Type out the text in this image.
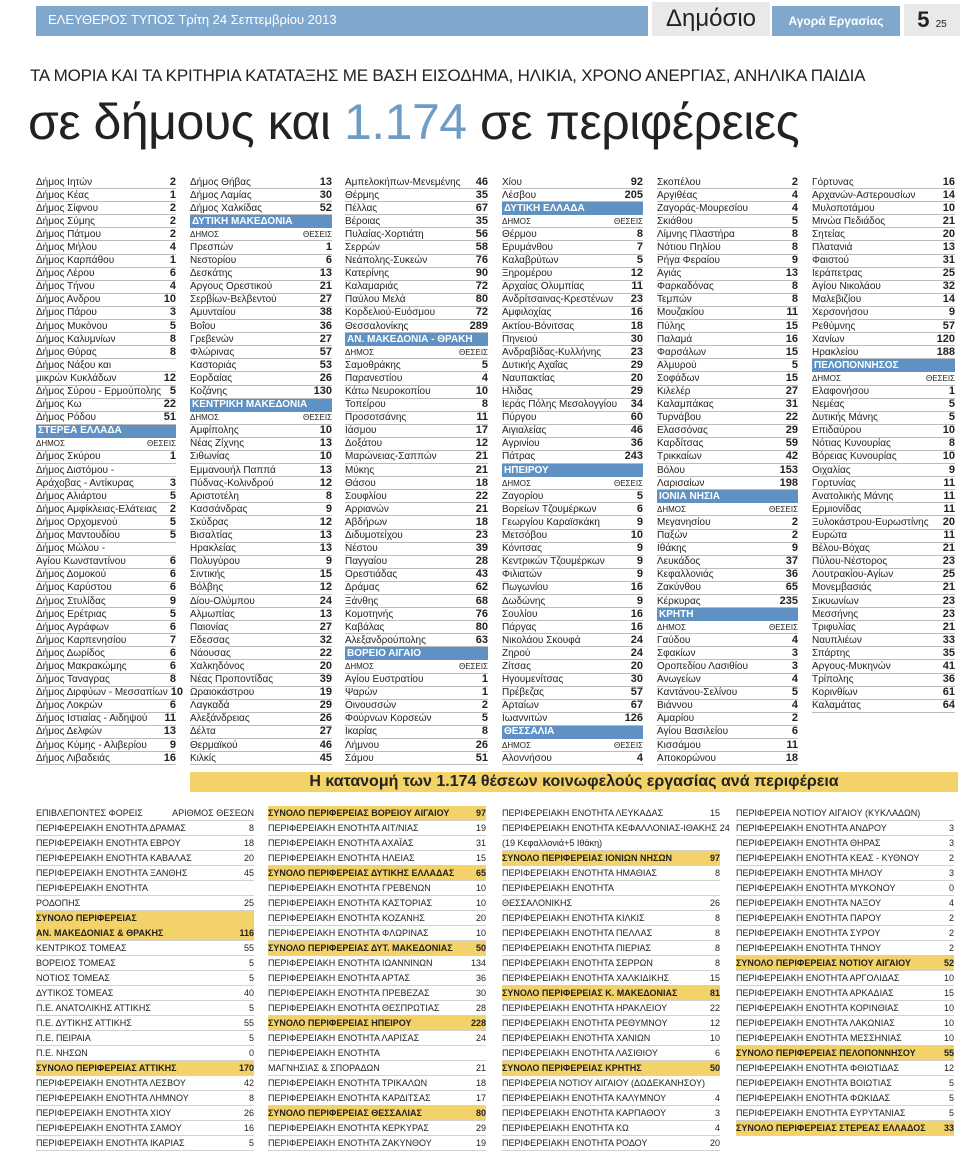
ΕΛΕΥΘΕΡΟΣ ΤΥΠΟΣ Τρίτη 24 Σεπτεμβρίου 2013	Δημόσιο	Αγορά Εργασίας	5 25
ΤΑ ΜΟΡΙΑ ΚΑΙ ΤΑ ΚΡΙΤΗΡΙΑ ΚΑΤΑΤΑΞΗΣ ΜΕ ΒΑΣΗ ΕΙΣΟΔΗΜΑ, ΗΛΙΚΙΑ, ΧΡΟΝΟ ΑΝΕΡΓΙΑΣ, ΑΝΗΛΙΚΑ ΠΑΙΔΙΑ
σε δήμους και 1.174 σε περιφέρειες
Δήμος Ιητών	2
Δήμος Κέας	1
Δήμος Σίφνου	2
Δήμος Σύμης	2
Δήμος Πάτμου	2
Δήμος Μήλου	4
Δήμος Καρπάθου	1
Δήμος Λέρου	6
Δήμος Τήνου	4
Δήμος Ανδρου	10
Δήμος Πάρου	3
Δήμος Μυκόνου	5
Δήμος Καλυμνίων	8
Δήμος Θύρας	8
Δήμος Νάξου και
μικρών Κυκλάδων	12
Δήμος Σύρου - Ερμούπολης 5
Δήμος Κω	22
Δήμος Ρόδου	51
ΣΤΕΡΕΑ ΕΛΛΑΔΑ
ΔΗΜΟΣ	ΘΕΣΕΙΣ
Δήμος Σκύρου	1
Δήμος Διστόμου -
Αράχοβας - Αντίκυρας	3
Δήμος Αλιάρτου	5
Δήμος Αμφίκλειας-Ελάτειας 2
Δήμος Ορχομενού	5
Δήμος Μαντουδίου	5
Δήμος Μώλου -
Αγίου Κωνσταντίνου	6
Δήμος Δομοκού	6
Δήμος Καρύστου	6
Δήμος Στυλίδας	9
Δήμος Ερέτριας	5
Δήμος Αγράφων	6
Δήμος Καρπενησίου	7
Δήμος Δωρίδος	6
Δήμος Μακρακώμης	6
Δήμος Ταναγρας	8
Δήμος Διρφύων - Μεσσαπίων 10
Δήμος Λοκρών	6
Δήμος Ιστιαίας - Αιδηψού 11
Δήμος Δελφών	13
Δήμος Κύμης - Αλιβερίου 9
Δήμος Λιβαδειάς	16
Δήμος Θήβας	13
Δήμος Λαμίας	30
Δήμος Χαλκίδας	52
ΔΥΤΙΚΗ ΜΑΚΕΔΟΝΙΑ
ΔΗΜΟΣ	ΘΕΣΕΙΣ
Πρεσπών	1
Νεστορίου	6
Δεσκάτης	13
Αργους Ορεστικού	21
Σερβίων-Βελβεντού	27
Αμυνταίου	38
Βοΐου	36
Γρεβενών	27
Φλώρινας	57
Καστοριάς	53
Εορδαίας	26
Κοζάνης	130
ΚΕΝΤΡΙΚΗ ΜΑΚΕΔΟΝΙΑ
ΔΗΜΟΣ	ΘΕΣΕΙΣ
Αμφίπολης	10
Νέας Ζίχνης	13
Σιθωνίας	10
Εμμανουήλ Παππά	13
Πύδνας-Κολινδρού	12
Αριστοτέλη	8
Κασσάνδρας	9
Σκύδρας	12
Βισαλτίας	13
Ηρακλείας	13
Πολυγύρου	9
Σιντικής	15
Βόλβης	12
Δίου-Ολύμπου	24
Αλμωπίας	13
Παιονίας	27
Εδεσσας	32
Νάουσας	22
Χαλκηδόνος	20
Νέας Προποντίδας	39
Ωραιοκάστρου	19
Λαγκαδά	29
Αλεξάνδρειας	26
Δέλτα	27
Θερμαϊκού	46
Κιλκίς	45
Αμπελοκήπων-Μενεμένης 46
Θέρμης	35
Πέλλας	67
Βέροιας	35
Πυλαίας-Χορτιάτη	56
Σερρών	58
Νεάπολης-Συκεών	76
Κατερίνης	90
Καλαμαριάς	72
Παύλου Μελά	80
Κορδελιού-Ευόσμου	72
Θεσσαλονίκης	289
ΑΝ. ΜΑΚΕΔΟΝΙΑ - ΘΡΑΚΗ
ΔΗΜΟΣ	ΘΕΣΕΙΣ
Σαμοθράκης	5
Παρανεστίου	4
Κάτω Νευροκοπίου	10
Τοπείρου	8
Προσοτσάνης	11
Ιάσμου	17
Δοξάτου	12
Μαρώνειας-Σαππών	21
Μύκης	21
Θάσου	18
Σουφλίου	22
Αρριανών	21
Αβδήρων	18
Διδυμοτείχου	23
Νέστου	39
Παγγαίου	28
Ορεστιάδας	43
Δράμας	62
Ξάνθης	68
Κομοτηνής	76
Καβάλας	80
Αλεξανδρούπολης	63
ΒΟΡΕΙΟ ΑΙΓΑΙΟ
ΔΗΜΟΣ	ΘΕΣΕΙΣ
Αγίου Ευστρατίου	1
Ψαρών	1
Οινουσσών	2
Φούρνων Κορσεών	5
Ικαρίας	8
Λήμνου	26
Σάμου	51
Χίου	92
Λέσβου	205
ΔΥΤΙΚΗ ΕΛΛΑΔΑ
ΔΗΜΟΣ	ΘΕΣΕΙΣ
Θέρμου	8
Ερυμάνθου	7
Καλαβρύτων	5
Ξηρομέρου	12
Αρχαίας Ολυμπίας	11
Ανδρίτσαινας-Κρεστένων 23
Αμφιλοχίας	16
Ακτίου-Βόνιτσας	18
Πηνειού	30
Ανδραβίδας-Κυλλήνης	23
Δυτικής Αχαΐας	29
Ναυπακτίας	20
Ηλιδας	29
Ιεράς Πόλης Μεσολογγίου 34
Πύργου	60
Αιγιαλείας	46
Αγρινίου	36
Πάτρας	243
ΗΠΕΙΡΟΥ
ΔΗΜΟΣ	ΘΕΣΕΙΣ
Ζαγορίου	5
Βορείων Τζουμέρκων	6
Γεωργίου Καραϊσκάκη	9
Μετσόβου	10
Κόνιτσας	9
Κεντρικών Τζουμέρκων	9
Φιλιατών	9
Πωγωνίου	16
Δωδώνης	9
Σουλίου	16
Πάργας	16
Νικολάου Σκουφά	24
Ζηρού	24
Ζίτσας	20
Ηγουμενίτσας	30
Πρέβεζας	57
Αρταίων	67
Ιωαννιτών	126
ΘΕΣΣΑΛΙΑ
ΔΗΜΟΣ	ΘΕΣΕΙΣ
Αλοννήσου	4
Σκοπέλου	2
Αργιθέας	4
Ζαγοράς-Μουρεσίου	4
Σκιάθου	5
Λίμνης Πλαστήρα	8
Νότιου Πηλίου	8
Ρήγα Φεραίου	9
Αγιάς	13
Φαρκαδόνας	8
Τεμπών	8
Μουζακίου	11
Πύλης	15
Παλαμά	16
Φαρσάλων	15
Αλμυρού	5
Σοφάδων	15
Κιλελέρ	27
Καλαμπάκας	31
Τυρνάβου	22
Ελασσόνας	29
Καρδίτσας	59
Τρικκαίων	42
Βόλου	153
Λαρισαίων	198
ΙΟΝΙΑ ΝΗΣΙΑ
ΔΗΜΟΣ	ΘΕΣΕΙΣ
Μεγανησίου	2
Παξών	2
Ιθάκης	9
Λευκάδος	37
Κεφαλλονιάς	36
Ζακύνθου	65
Κέρκυρας	235
ΚΡΗΤΗ
ΔΗΜΟΣ	ΘΕΣΕΙΣ
Γαύδου	4
Σφακίων	3
Οροπεδίου Λασιθίου	3
Ανωγείων	4
Καντάνου-Σελίνου	5
Βιάννου	4
Αμαρίου	2
Αγίου Βασιλείου	6
Κισσάμου	11
Αποκορώνου	18
Γόρτυνας	16
Αρχανών-Αστερουσίων 14
Μυλοποτάμου	10
Μινώα Πεδιάδος	21
Σητείας	20
Πλατανιά	13
Φαιστού	31
Ιεράπετρας	25
Αγίου Νικολάου	32
Μαλεβιζίου	14
Χερσονήσου	9
Ρεθύμνης	57
Χανίων	120
Ηρακλείου	188
ΠΕΛΟΠΟΝΝΗΣΟΣ
ΔΗΜΟΣ	ΘΕΣΕΙΣ
Ελαφονήσου	1
Νεμέας	5
Δυτικής Μάνης	5
Επιδαύρου	10
Νότιας Κυνουρίας	8
Βόρειας Κυνουρίας	10
Οιχαλίας	9
Γορτυνίας	11
Ανατολικής Μάνης	11
Ερμιονίδας	11
Ξυλοκάστρου-Ευρωστίνης 20
Ευρώτα	11
Βέλου-Βόχας	21
Πύλου-Νέστορος	23
Λουτρακίου-Αγίων	25
Μονεμβασιάς	21
Σικυωνίων	23
Μεσσήνης	23
Τριφυλίας	21
Ναυπλιέων	33
Σπάρτης	35
Αργους-Μυκηνών	41
Τρίπολης	36
Κορινθίων	61
Καλαμάτας	64
Η κατανομή των 1.174 θέσεων κοινωφελούς εργασίας ανά περιφέρεια
ΕΠΙΒΛΕΠΟΝΤΕΣ ΦΟΡΕΙΣ	ΑΡΙΘΜΟΣ ΘΕΣΕΩΝ
ΠΕΡΙΦΕΡΕΙΑΚΗ ΕΝΟΤΗΤΑ ΔΡΑΜΑΣ	8
ΠΕΡΙΦΕΡΕΙΑΚΗ ΕΝΟΤΗΤΑ ΕΒΡΟΥ	18
ΠΕΡΙΦΕΡΕΙΑΚΗ ΕΝΟΤΗΤΑ ΚΑΒΑΛΑΣ	20
ΠΕΡΙΦΕΡΕΙΑΚΗ ΕΝΟΤΗΤΑ ΞΑΝΘΗΣ	45
ΠΕΡΙΦΕΡΕΙΑΚΗ ΕΝΟΤΗΤΑ
ΡΟΔΟΠΗΣ	25
ΣΥΝΟΛΟ ΠΕΡΙΦΕΡΕΙΑΣ
ΑΝ. ΜΑΚΕΔΟΝΙΑΣ & ΘΡΑΚΗΣ	116
ΚΕΝΤΡΙΚΟΣ ΤΟΜΕΑΣ	55
ΒΟΡΕΙΟΣ ΤΟΜΕΑΣ	5
ΝΟΤΙΟΣ ΤΟΜΕΑΣ	5
ΔΥΤΙΚΟΣ ΤΟΜΕΑΣ	40
Π.Ε. ΑΝΑΤΟΛΙΚΗΣ ΑΤΤΙΚΗΣ	5
Π.Ε. ΔΥΤΙΚΗΣ ΑΤΤΙΚΗΣ	55
Π.Ε. ΠΕΙΡΑΙΑ	5
Π.Ε. ΝΗΣΩΝ	0
ΣΥΝΟΛΟ ΠΕΡΙΦΕΡΕΙΑΣ ΑΤΤΙΚΗΣ	170
ΠΕΡΙΦΕΡΕΙΑΚΗ ΕΝΟΤΗΤΑ ΛΕΣΒΟΥ	42
ΠΕΡΙΦΕΡΕΙΑΚΗ ΕΝΟΤΗΤΑ ΛΗΜΝΟΥ	8
ΠΕΡΙΦΕΡΕΙΑΚΗ ΕΝΟΤΗΤΑ ΧΙΟΥ	26
ΠΕΡΙΦΕΡΕΙΑΚΗ ΕΝΟΤΗΤΑ ΣΑΜΟΥ	16
ΠΕΡΙΦΕΡΕΙΑΚΗ ΕΝΟΤΗΤΑ ΙΚΑΡΙΑΣ	5
ΣΥΝΟΛΟ ΠΕΡΙΦΕΡΕΙΑΣ ΒΟΡΕΙΟΥ ΑΙΓΑΙΟΥ	97
ΠΕΡΙΦΕΡΕΙΑΚΗ ΕΝΟΤΗΤΑ ΑΙΤ/ΝΙΑΣ	19
ΠΕΡΙΦΕΡΕΙΑΚΗ ΕΝΟΤΗΤΑ ΑΧΑΪΑΣ	31
ΠΕΡΙΦΕΡΕΙΑΚΗ ΕΝΟΤΗΤΑ ΗΛΕΙΑΣ	15
ΣΥΝΟΛΟ ΠΕΡΙΦΕΡΕΙΑΣ ΔΥΤΙΚΗΣ ΕΛΛΑΔΑΣ	65
ΠΕΡΙΦΕΡΕΙΑΚΗ ΕΝΟΤΗΤΑ ΓΡΕΒΕΝΩΝ	10
ΠΕΡΙΦΕΡΕΙΑΚΗ ΕΝΟΤΗΤΑ ΚΑΣΤΟΡΙΑΣ	10
ΠΕΡΙΦΕΡΕΙΑΚΗ ΕΝΟΤΗΤΑ ΚΟΖΑΝΗΣ	20
ΠΕΡΙΦΕΡΕΙΑΚΗ ΕΝΟΤΗΤΑ ΦΛΩΡΙΝΑΣ	10
ΣΥΝΟΛΟ ΠΕΡΙΦΕΡΕΙΑΣ ΔΥΤ. ΜΑΚΕΔΟΝΙΑΣ	50
ΠΕΡΙΦΕΡΕΙΑΚΗ ΕΝΟΤΗΤΑ ΙΩΑΝΝΙΝΩΝ	134
ΠΕΡΙΦΕΡΕΙΑΚΗ ΕΝΟΤΗΤΑ ΑΡΤΑΣ	36
ΠΕΡΙΦΕΡΕΙΑΚΗ ΕΝΟΤΗΤΑ ΠΡΕΒΕΖΑΣ	30
ΠΕΡΙΦΕΡΕΙΑΚΗ ΕΝΟΤΗΤΑ ΘΕΣΠΡΩΤΙΑΣ	28
ΣΥΝΟΛΟ ΠΕΡΙΦΕΡΕΙΑΣ ΗΠΕΙΡΟΥ	228
ΠΕΡΙΦΕΡΕΙΑΚΗ ΕΝΟΤΗΤΑ ΛΑΡΙΣΑΣ	24
ΠΕΡΙΦΕΡΕΙΑΚΗ ΕΝΟΤΗΤΑ
ΜΑΓΝΗΣΙΑΣ & ΣΠΟΡΑΔΩΝ	21
ΠΕΡΙΦΕΡΕΙΑΚΗ ΕΝΟΤΗΤΑ ΤΡΙΚΑΛΩΝ	18
ΠΕΡΙΦΕΡΕΙΑΚΗ ΕΝΟΤΗΤΑ ΚΑΡΔΙΤΣΑΣ	17
ΣΥΝΟΛΟ ΠΕΡΙΦΕΡΕΙΑΣ ΘΕΣΣΑΛΙΑΣ	80
ΠΕΡΙΦΕΡΕΙΑΚΗ ΕΝΟΤΗΤΑ ΚΕΡΚΥΡΑΣ	29
ΠΕΡΙΦΕΡΕΙΑΚΗ ΕΝΟΤΗΤΑ ΖΑΚΥΝΘΟΥ	19
ΠΕΡΙΦΕΡΕΙΑΚΗ ΕΝΟΤΗΤΑ ΛΕΥΚΑΔΑΣ	15
ΠΕΡΙΦΕΡΕΙΑΚΗ ΕΝΟΤΗΤΑ ΚΕΦΑΛΛΟΝΙΑΣ-ΙΘΑΚΗΣ 24
(19 Κεφαλλονιά+5 Ιθάκη)
ΣΥΝΟΛΟ ΠΕΡΙΦΕΡΕΙΑΣ ΙΟΝΙΩΝ ΝΗΣΩΝ	97
ΠΕΡΙΦΕΡΕΙΑΚΗ ΕΝΟΤΗΤΑ ΗΜΑΘΙΑΣ	8
ΠΕΡΙΦΕΡΕΙΑΚΗ ΕΝΟΤΗΤΑ
ΘΕΣΣΑΛΟΝΙΚΗΣ	26
ΠΕΡΙΦΕΡΕΙΑΚΗ ΕΝΟΤΗΤΑ ΚΙΛΚΙΣ	8
ΠΕΡΙΦΕΡΕΙΑΚΗ ΕΝΟΤΗΤΑ ΠΕΛΛΑΣ	8
ΠΕΡΙΦΕΡΕΙΑΚΗ ΕΝΟΤΗΤΑ ΠΙΕΡΙΑΣ	8
ΠΕΡΙΦΕΡΕΙΑΚΗ ΕΝΟΤΗΤΑ ΣΕΡΡΩΝ	8
ΠΕΡΙΦΕΡΕΙΑΚΗ ΕΝΟΤΗΤΑ ΧΑΛΚΙΔΙΚΗΣ	15
ΣΥΝΟΛΟ ΠΕΡΙΦΕΡΕΙΑΣ Κ. ΜΑΚΕΔΟΝΙΑΣ	81
ΠΕΡΙΦΕΡΕΙΑΚΗ ΕΝΟΤΗΤΑ ΗΡΑΚΛΕΙΟΥ	22
ΠΕΡΙΦΕΡΕΙΑΚΗ ΕΝΟΤΗΤΑ ΡΕΘΥΜΝΟΥ	12
ΠΕΡΙΦΕΡΕΙΑΚΗ ΕΝΟΤΗΤΑ ΧΑΝΙΩΝ	10
ΠΕΡΙΦΕΡΕΙΑΚΗ ΕΝΟΤΗΤΑ ΛΑΣΙΘΙΟΥ	6
ΣΥΝΟΛΟ ΠΕΡΙΦΕΡΕΙΑΣ ΚΡΗΤΗΣ	50
ΠΕΡΙΦΕΡΕΙΑ ΝΟΤΙΟΥ ΑΙΓΑΙΟΥ (ΔΩΔΕΚΑΝΗΣΟΥ)
ΠΕΡΙΦΕΡΕΙΑΚΗ ΕΝΟΤΗΤΑ ΚΑΛΥΜΝΟΥ	4
ΠΕΡΙΦΕΡΕΙΑΚΗ ΕΝΟΤΗΤΑ ΚΑΡΠΑΘΟΥ	3
ΠΕΡΙΦΕΡΕΙΑΚΗ ΕΝΟΤΗΤΑ ΚΩ	4
ΠΕΡΙΦΕΡΕΙΑΚΗ ΕΝΟΤΗΤΑ ΡΟΔΟΥ	20
ΠΕΡΙΦΕΡΕΙΑ ΝΟΤΙΟΥ ΑΙΓΑΙΟΥ (ΚΥΚΛΑΔΩΝ)
ΠΕΡΙΦΕΡΕΙΑΚΗ ΕΝΟΤΗΤΑ ΑΝΔΡΟΥ	3
ΠΕΡΙΦΕΡΕΙΑΚΗ ΕΝΟΤΗΤΑ ΘΗΡΑΣ	3
ΠΕΡΙΦΕΡΕΙΑΚΗ ΕΝΟΤΗΤΑ ΚΕΑΣ - ΚΥΘΝΟΥ	2
ΠΕΡΙΦΕΡΕΙΑΚΗ ΕΝΟΤΗΤΑ ΜΗΛΟΥ	3
ΠΕΡΙΦΕΡΕΙΑΚΗ ΕΝΟΤΗΤΑ ΜΥΚΟΝΟΥ	0
ΠΕΡΙΦΕΡΕΙΑΚΗ ΕΝΟΤΗΤΑ ΝΑΞΟΥ	4
ΠΕΡΙΦΕΡΕΙΑΚΗ ΕΝΟΤΗΤΑ ΠΑΡΟΥ	2
ΠΕΡΙΦΕΡΕΙΑΚΗ ΕΝΟΤΗΤΑ ΣΥΡΟΥ	2
ΠΕΡΙΦΕΡΕΙΑΚΗ ΕΝΟΤΗΤΑ ΤΗΝΟΥ	2
ΣΥΝΟΛΟ ΠΕΡΙΦΕΡΕΙΑΣ ΝΟΤΙΟΥ ΑΙΓΑΙΟΥ	52
ΠΕΡΙΦΕΡΕΙΑΚΗ ΕΝΟΤΗΤΑ ΑΡΓΟΛΙΔΑΣ	10
ΠΕΡΙΦΕΡΕΙΑΚΗ ΕΝΟΤΗΤΑ ΑΡΚΑΔΙΑΣ	15
ΠΕΡΙΦΕΡΕΙΑΚΗ ΕΝΟΤΗΤΑ ΚΟΡΙΝΘΙΑΣ	10
ΠΕΡΙΦΕΡΕΙΑΚΗ ΕΝΟΤΗΤΑ ΛΑΚΩΝΙΑΣ	10
ΠΕΡΙΦΕΡΕΙΑΚΗ ΕΝΟΤΗΤΑ ΜΕΣΣΗΝΙΑΣ	10
ΣΥΝΟΛΟ ΠΕΡΙΦΕΡΕΙΑΣ ΠΕΛΟΠΟΝΝΗΣΟΥ	55
ΠΕΡΙΦΕΡΕΙΑΚΗ ΕΝΟΤΗΤΑ ΦΘΙΩΤΙΔΑΣ	12
ΠΕΡΙΦΕΡΕΙΑΚΗ ΕΝΟΤΗΤΑ ΒΟΙΩΤΙΑΣ	5
ΠΕΡΙΦΕΡΕΙΑΚΗ ΕΝΟΤΗΤΑ ΦΩΚΙΔΑΣ	5
ΠΕΡΙΦΕΡΕΙΑΚΗ ΕΝΟΤΗΤΑ ΕΥΡΥΤΑΝΙΑΣ	5
ΣΥΝΟΛΟ ΠΕΡΙΦΕΡΕΙΑΣ ΣΤΕΡΕΑΣ ΕΛΛΑΔΟΣ	33
